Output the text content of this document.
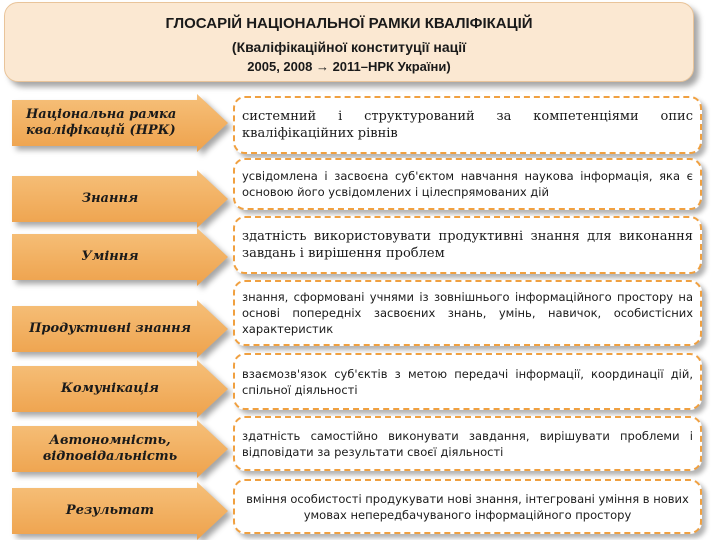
ГЛОСАРІЙ НАЦІОНАЛЬНОЇ РАМКИ КВАЛІФІКАЦІЙ
(Кваліфікаційної конституції нації
2005, 2008 → 2011–НРК України)
Національна рамка кваліфікацій (НРК)
системний і структурований за компетенціями опис кваліфікаційних рівнів
Знання
усвідомлена і засвоєна суб'єктом навчання наукова інформація, яка є основою його усвідомлених і цілеспрямованих дій
Уміння
здатність використовувати продуктивні знання для виконання завдань і вирішення проблем
Продуктивні знання
знання, сформовані учнями із зовнішнього інформаційного простору на основі попередніх засвоєних знань, умінь, навичок, особистісних характеристик
Комунікація
взаємозв'язок суб'єктів з метою передачі інформації, координації дій, спільної діяльності
Автономність, відповідальність
здатність самостійно виконувати завдання, вирішувати проблеми і відповідати за результати своєї діяльності
Результат
вміння особистості продукувати нові знання, інтегровані уміння в нових умовах непередбачуваного інформаційного простору
